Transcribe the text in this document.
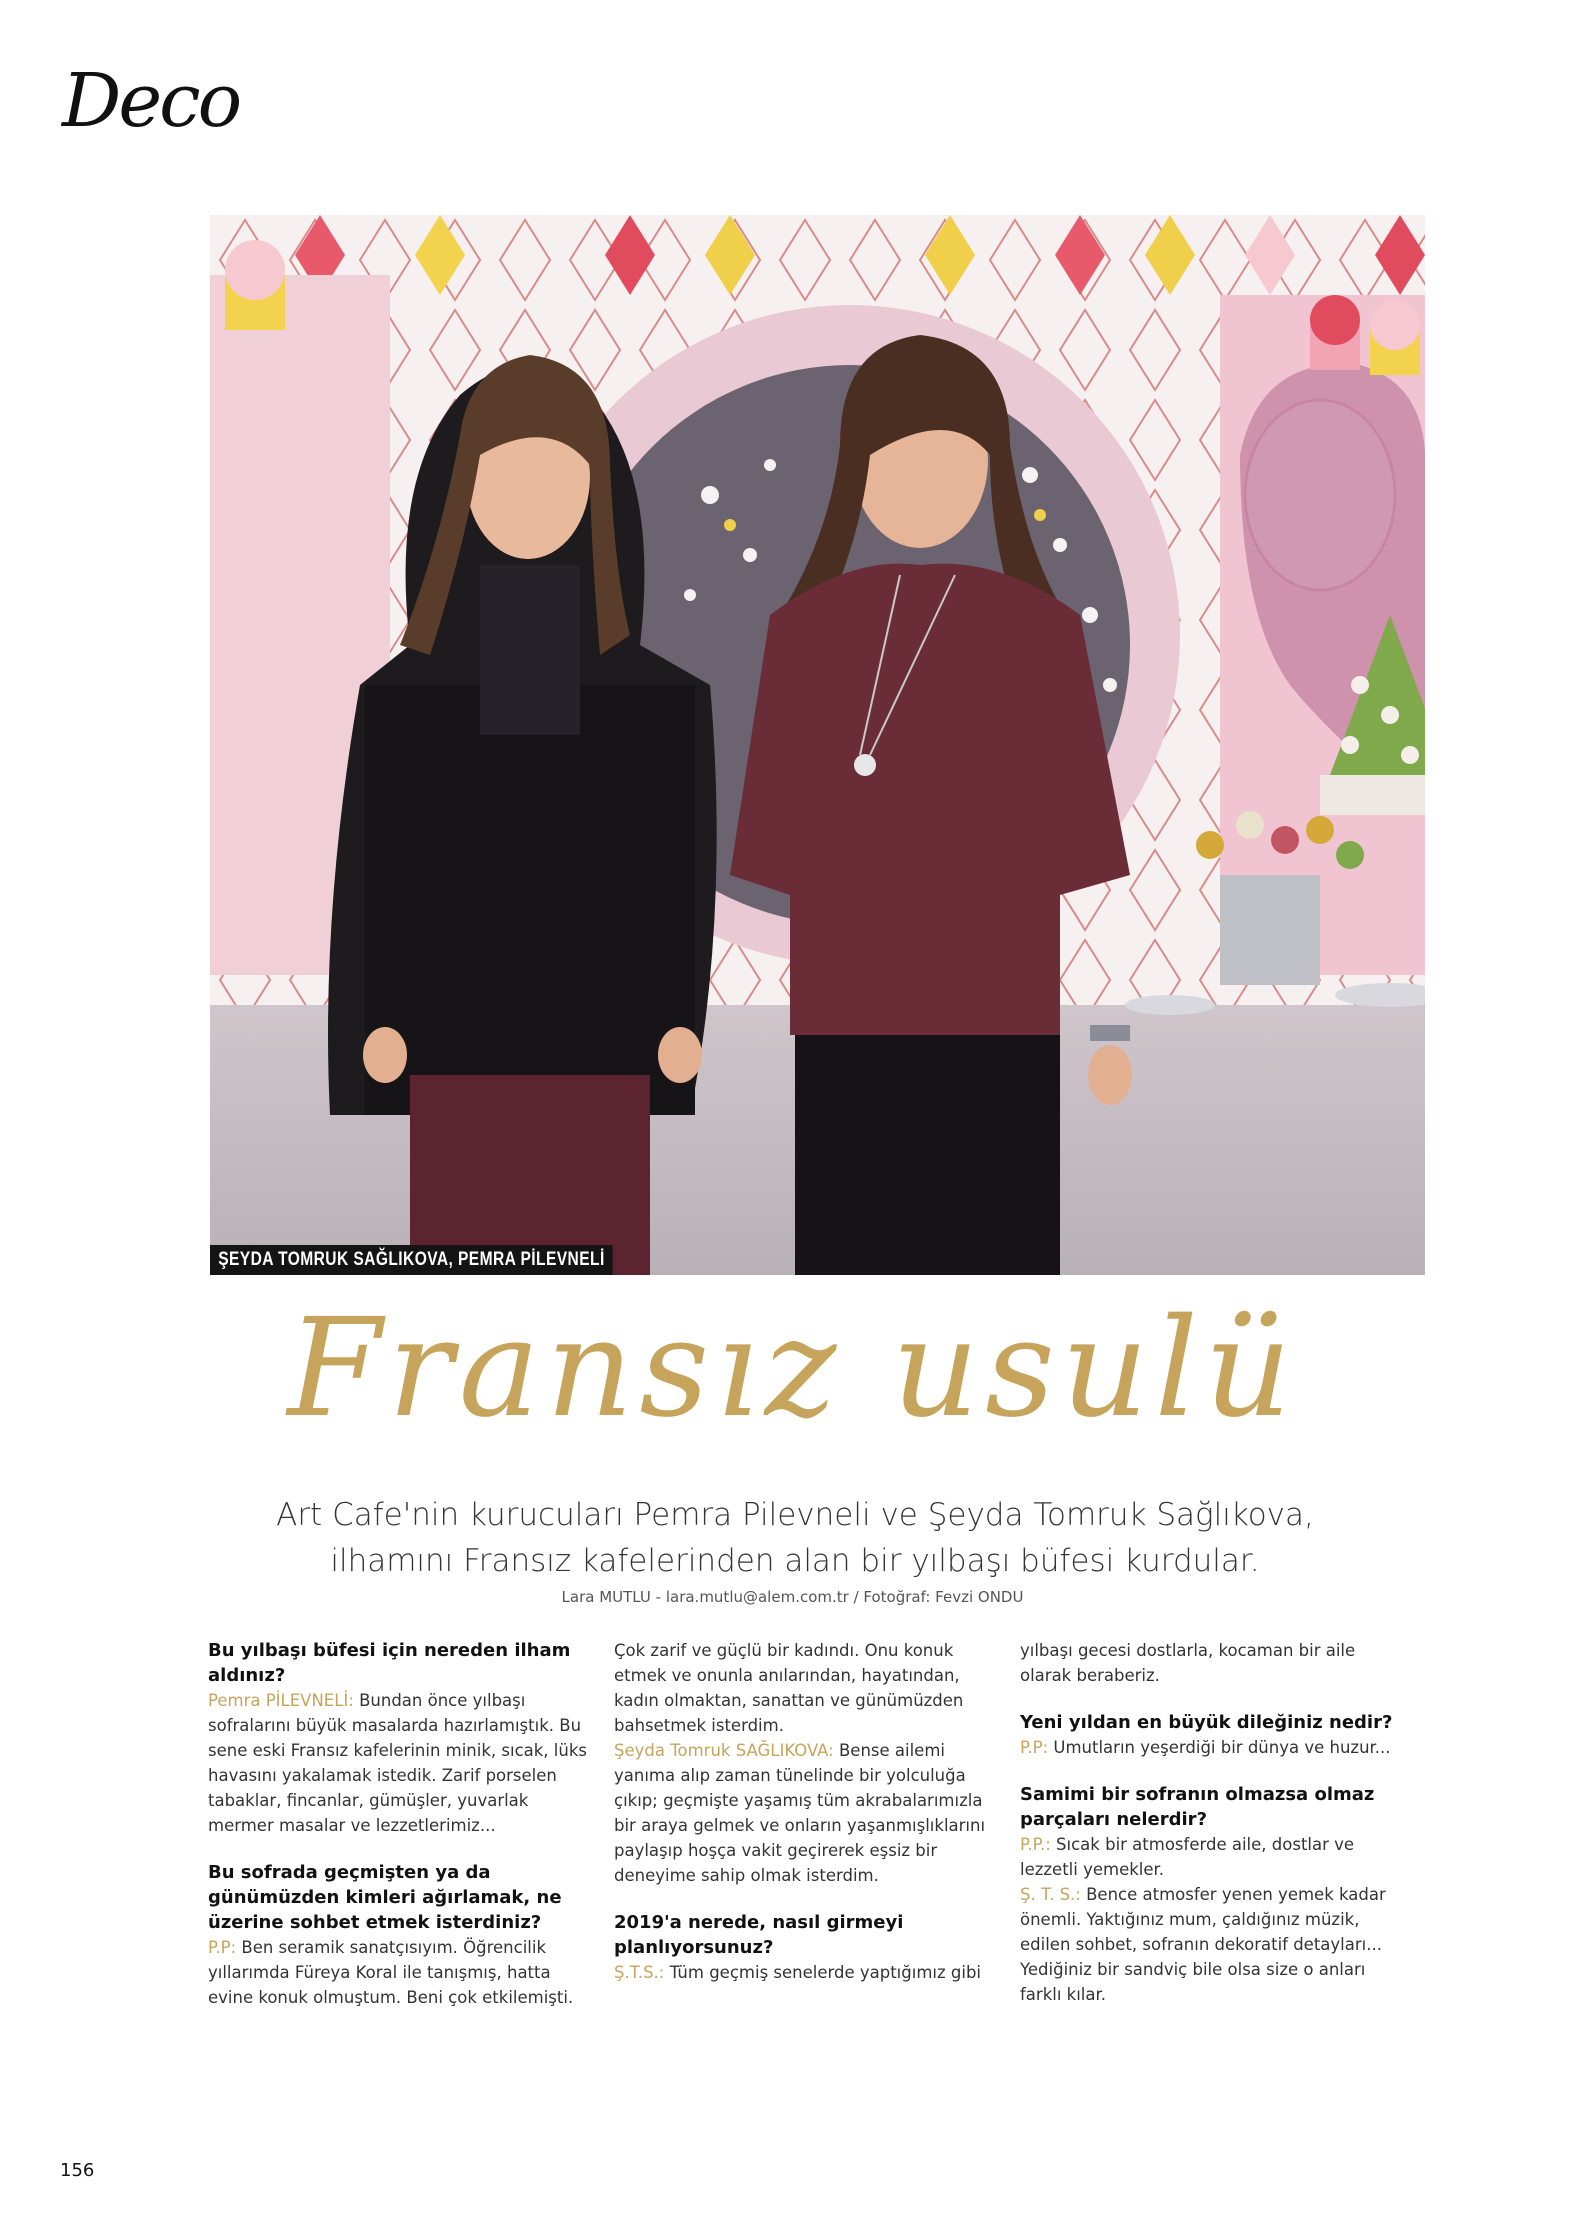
Deco
ŞEYDA TOMRUK SAĞLIKOVA, PEMRA PİLEVNELİ
Fransız usulü
Art Cafe'nin kurucuları Pemra Pilevneli ve Şeyda Tomruk Sağlıkova, ilhamını Fransız kafelerinden alan bir yılbaşı büfesi kurdular.
Lara MUTLU - lara.mutlu@alem.com.tr / Fotoğraf: Fevzi ONDU

Bu yılbaşı büfesi için nereden ilham aldınız?

Pemra PİLEVNELİ: Bundan önce yılbaşı sofralarını büyük masalarda hazırlamıştık. Bu sene eski Fransız kafelerinin minik, sıcak, lüks havasını yakalamak istedik. Zarif porselen tabaklar, fincanlar, gümüşler, yuvarlak mermer masalar ve lezzetlerimiz...

Bu sofrada geçmişten ya da günümüzden kimleri ağırlamak, ne üzerine sohbet etmek isterdiniz?

P.P: Ben seramik sanatçısıyım. Öğrencilik yıllarımda Füreya Koral ile tanışmış, hatta evine konuk olmuştum. Beni çok etkilemişti.

Çok zarif ve güçlü bir kadındı. Onu konuk etmek ve onunla anılarından, hayatından, kadın olmaktan, sanattan ve günümüzden bahsetmek isterdim.

Şeyda Tomruk SAĞLIKOVA: Bense ailemi yanıma alıp zaman tünelinde bir yolculuğa çıkıp; geçmişte yaşamış tüm akrabalarımızla bir araya gelmek ve onların yaşanmışlıklarını paylaşıp hoşça vakit geçirerek eşsiz bir deneyime sahip olmak isterdim.

2019'a nerede, nasıl girmeyi planlıyorsunuz?

Ş.T.S.: Tüm geçmiş senelerde yaptığımız gibi

yılbaşı gecesi dostlarla, kocaman bir aile olarak beraberiz.

Yeni yıldan en büyük dileğiniz nedir?

P.P: Umutların yeşerdiği bir dünya ve huzur...

Samimi bir sofranın olmazsa olmaz parçaları nelerdir?

P.P.: Sıcak bir atmosferde aile, dostlar ve lezzetli yemekler.

Ş. T. S.: Bence atmosfer yenen yemek kadar önemli. Yaktığınız mum, çaldığınız müzik, edilen sohbet, sofranın dekoratif detayları... Yediğiniz bir sandviç bile olsa size o anları farklı kılar.

156
